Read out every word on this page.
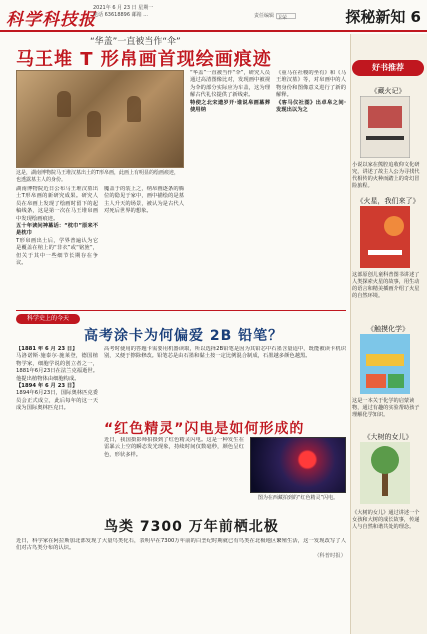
科学科技报
2021年 6 月 23 日 星期一
电话 63618896 邮箱 ...	责任编辑 卫荣	探秘新知 6
“华盖”一直被当作“伞”
马王堆 T 形帛画首现绘画痕迹
这是，湖南博物院马王堆汉墓出土的T形帛画，此画上有明显的绘画痕迹，也透露墓主人的身份。
湖南博物院近日公布马王堆汉墓出土T形帛画的新研究成果。研究人员在帛画上发现了绘画时留下的起稿线条，这是第一次在马王堆帛画中发现绘画痕迹。
五十年读问神墓话：“枕巾”原来不是枕巾
T形帛画出土后，学界普遍认为它是覆盖在棺上的“非衣”或“铭旌”，但关于其中一些细节长期存在争议。
魔盖于的装上之，纳帛画逐条的腾位的隐见于家中，画中描绘的是墓主人升天的场景，被认为是古代人对死后世界的想象。
“华盖”一直被当作“伞”，研究人员通过高清图像比对，发现画中被视为伞的部分实际应为车盖，这为理解古代礼仪提供了新线索。
特使之北宋遗岁开·谁说帛画墓葬使用纳
《重马在社稷的坐有》和《马王堆汉墓》等，对帛画中的人物身份和图像意义进行了新的解释。
《客马仪社图》出卓帛之间·发现出以为之
好书推荐
《藏火记》
小说以家在熊腔追收仰文化研究，讲述了故主人公为寻找代代相传的火种而踏上的奇幻冒险旅程。
《火星，我们来了》
这部原创儿童科普图书讲述了人类探索火星的故事，用生动的语言和精美插画介绍了火星的自然环境。
《触摸化学》
这是一本关于化学的启蒙读物，通过有趣的实验帮助孩子理解化学知识。
《大树的女儿》
《大树的女儿》通过讲述一个女孩和大树的成长故事，传递人与自然和谐共处的理念。
科学史上的今天
高考涂卡为何偏爱 2B 铅笔？
【1881 年 6 月 23 日】
马洛诺斯·施泰尔·施莱登，德国植物学家，细胞学说的创立者之一，1881年6月23日在法兰克福逝世。他提出植物体由细胞构成。
【1894 年 6 月 23 日】
1894年6月23日，国际奥林匹克委员会正式成立，此后每年的这一天成为国际奥林匹克日。
高考时使用的答题卡需要用机器读取，所以选择2B铅笔是因为其铅芯中石墨含量适中，既能被读卡机识别，又便于擦除修改。铅笔芯是由石墨和黏土按一定比例混合制成，石墨越多颜色越黑。
“红色精灵”闪电是如何形成的
近日，我国摄影师拍摄到了红色精灵闪电。这是一种发生在雷暴云上空的瞬态发光现象，持续时间仅数毫秒，颜色呈红色，形状多样。
图为在西藏拍到的“红色精灵”闪电。
鸟类 7300 万年前栖北极
近日，科学家在阿拉斯加北部发现了大量鸟类化石，表明早在7300万年前的白垩纪时期就已有鸟类在北极地区繁殖生活，这一发现改写了人们对古鸟类分布的认识。
（科普时报）
